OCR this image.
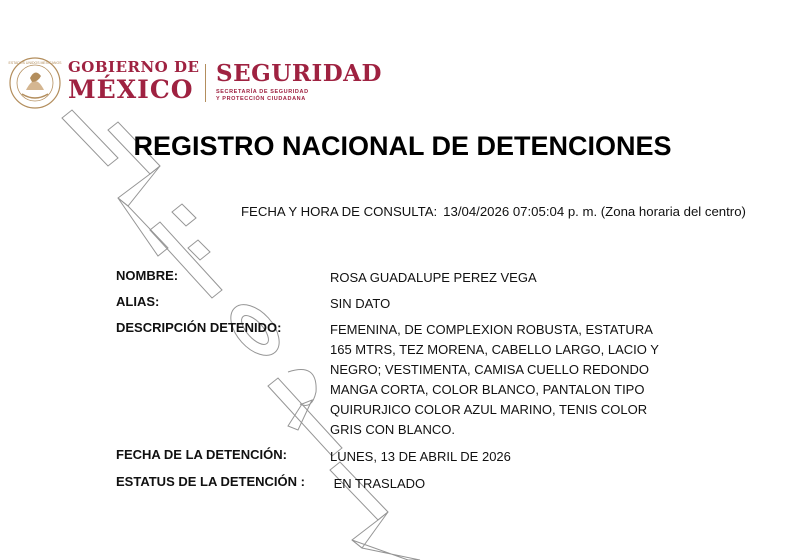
ESTADOS UNIDOS MEXICANOS GOBIERNO DE
MÉXICO
SEGURIDAD
SECRETARÍA DE SEGURIDAD
Y PROTECCIÓN CIUDADANA
REGISTRO NACIONAL DE DETENCIONES
FECHA Y HORA DE CONSULTA: 13/04/2026 07:05:04 p. m. (Zona horaria del centro)
NOMBRE:	ROSA GUADALUPE PEREZ VEGA
ALIAS:	SIN DATO
DESCRIPCIÓN DETENIDO:	FEMENINA, DE COMPLEXION ROBUSTA, ESTATURA 165 MTRS, TEZ MORENA, CABELLO LARGO, LACIO Y NEGRO; VESTIMENTA, CAMISA CUELLO REDONDO MANGA CORTA, COLOR BLANCO, PANTALON TIPO QUIRURJICO COLOR AZUL MARINO, TENIS COLOR GRIS CON BLANCO.
FECHA DE LA DETENCIÓN:	LUNES, 13 DE ABRIL DE 2026
ESTATUS DE LA DETENCIÓN : EN TRASLADO
